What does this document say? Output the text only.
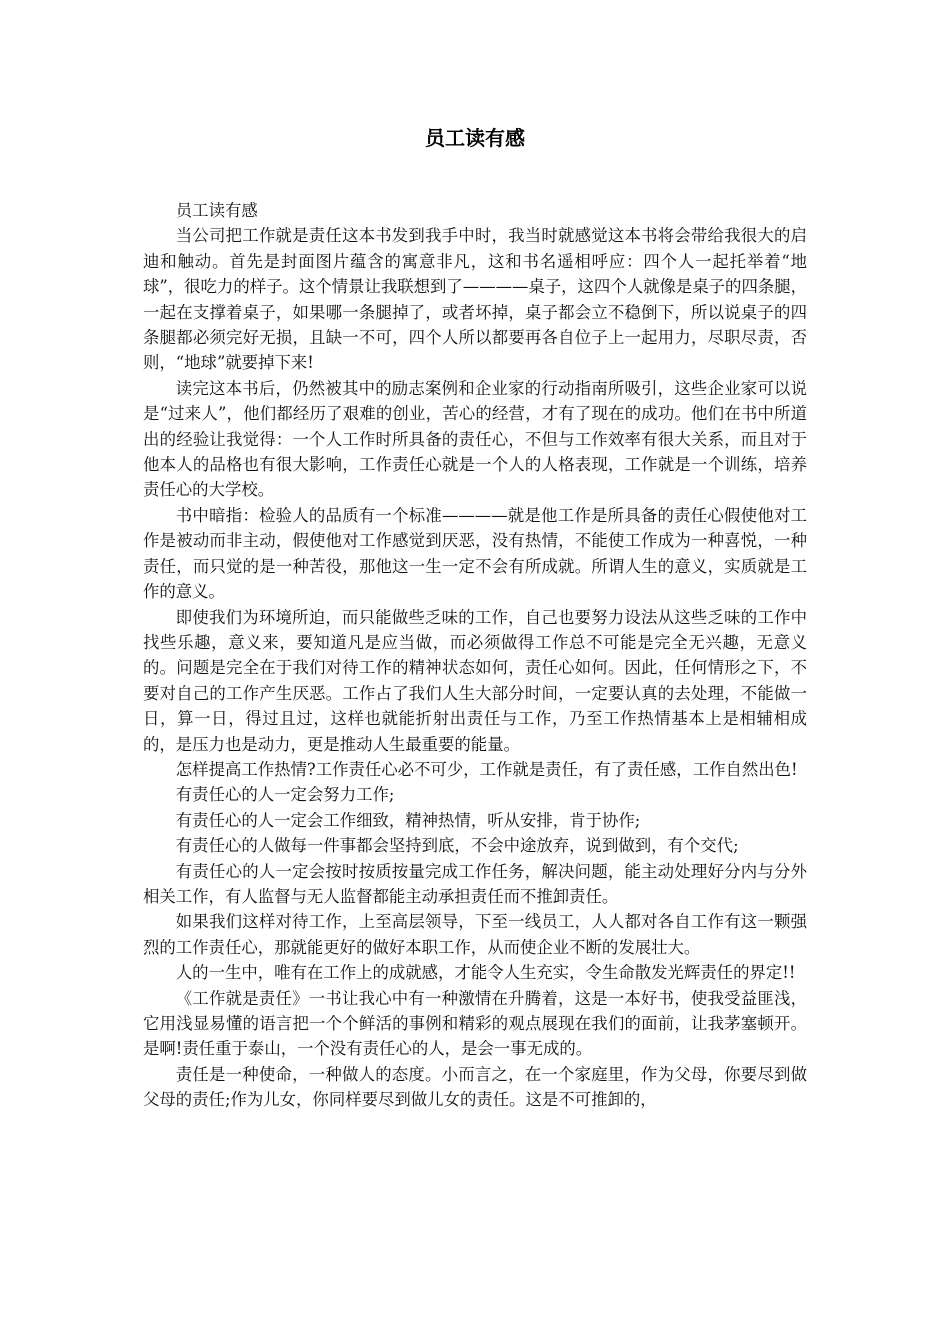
员工读有感

员工读有感

当公司把工作就是责任这本书发到我手中时，我当时就感觉这本书将会带给我很大的启迪和触动。首先是封面图片蕴含的寓意非凡，这和书名遥相呼应：四个人一起托举着“地球”，很吃力的样子。这个情景让我联想到了————桌子，这四个人就像是桌子的四条腿，一起在支撑着桌子，如果哪一条腿掉了，或者坏掉，桌子都会立不稳倒下，所以说桌子的四条腿都必须完好无损，且缺一不可，四个人所以都要再各自位子上一起用力，尽职尽责，否则，“地球”就要掉下来!

读完这本书后，仍然被其中的励志案例和企业家的行动指南所吸引，这些企业家可以说是“过来人”，他们都经历了艰难的创业，苦心的经营，才有了现在的成功。他们在书中所道出的经验让我觉得：一个人工作时所具备的责任心，不但与工作效率有很大关系，而且对于他本人的品格也有很大影响，工作责任心就是一个人的人格表现，工作就是一个训练，培养责任心的大学校。

书中暗指：检验人的品质有一个标准————就是他工作是所具备的责任心假使他对工作是被动而非主动，假使他对工作感觉到厌恶，没有热情，不能使工作成为一种喜悦，一种责任，而只觉的是一种苦役，那他这一生一定不会有所成就。所谓人生的意义，实质就是工作的意义。

即使我们为环境所迫，而只能做些乏味的工作，自己也要努力设法从这些乏味的工作中找些乐趣，意义来，要知道凡是应当做，而必须做得工作总不可能是完全无兴趣，无意义的。问题是完全在于我们对待工作的精神状态如何，责任心如何。因此，任何情形之下，不要对自己的工作产生厌恶。工作占了我们人生大部分时间，一定要认真的去处理，不能做一日，算一日，得过且过，这样也就能折射出责任与工作，乃至工作热情基本上是相辅相成的，是压力也是动力，更是推动人生最重要的能量。

怎样提高工作热情?工作责任心必不可少，工作就是责任，有了责任感，工作自然出色!

有责任心的人一定会努力工作;

有责任心的人一定会工作细致，精神热情，听从安排，肯于协作;

有责任心的人做每一件事都会坚持到底，不会中途放弃，说到做到，有个交代;

有责任心的人一定会按时按质按量完成工作任务，解决问题，能主动处理好分内与分外相关工作，有人监督与无人监督都能主动承担责任而不推卸责任。

如果我们这样对待工作，上至高层领导，下至一线员工，人人都对各自工作有这一颗强烈的工作责任心，那就能更好的做好本职工作，从而使企业不断的发展壮大。

人的一生中，唯有在工作上的成就感，才能令人生充实，令生命散发光辉责任的界定!!

《工作就是责任》一书让我心中有一种激情在升腾着，这是一本好书，使我受益匪浅，它用浅显易懂的语言把一个个鲜活的事例和精彩的观点展现在我们的面前，让我茅塞顿开。是啊!责任重于泰山，一个没有责任心的人，是会一事无成的。

责任是一种使命，一种做人的态度。小而言之，在一个家庭里，作为父母，你要尽到做父母的责任;作为儿女，你同样要尽到做儿女的责任。这是不可推卸的，
